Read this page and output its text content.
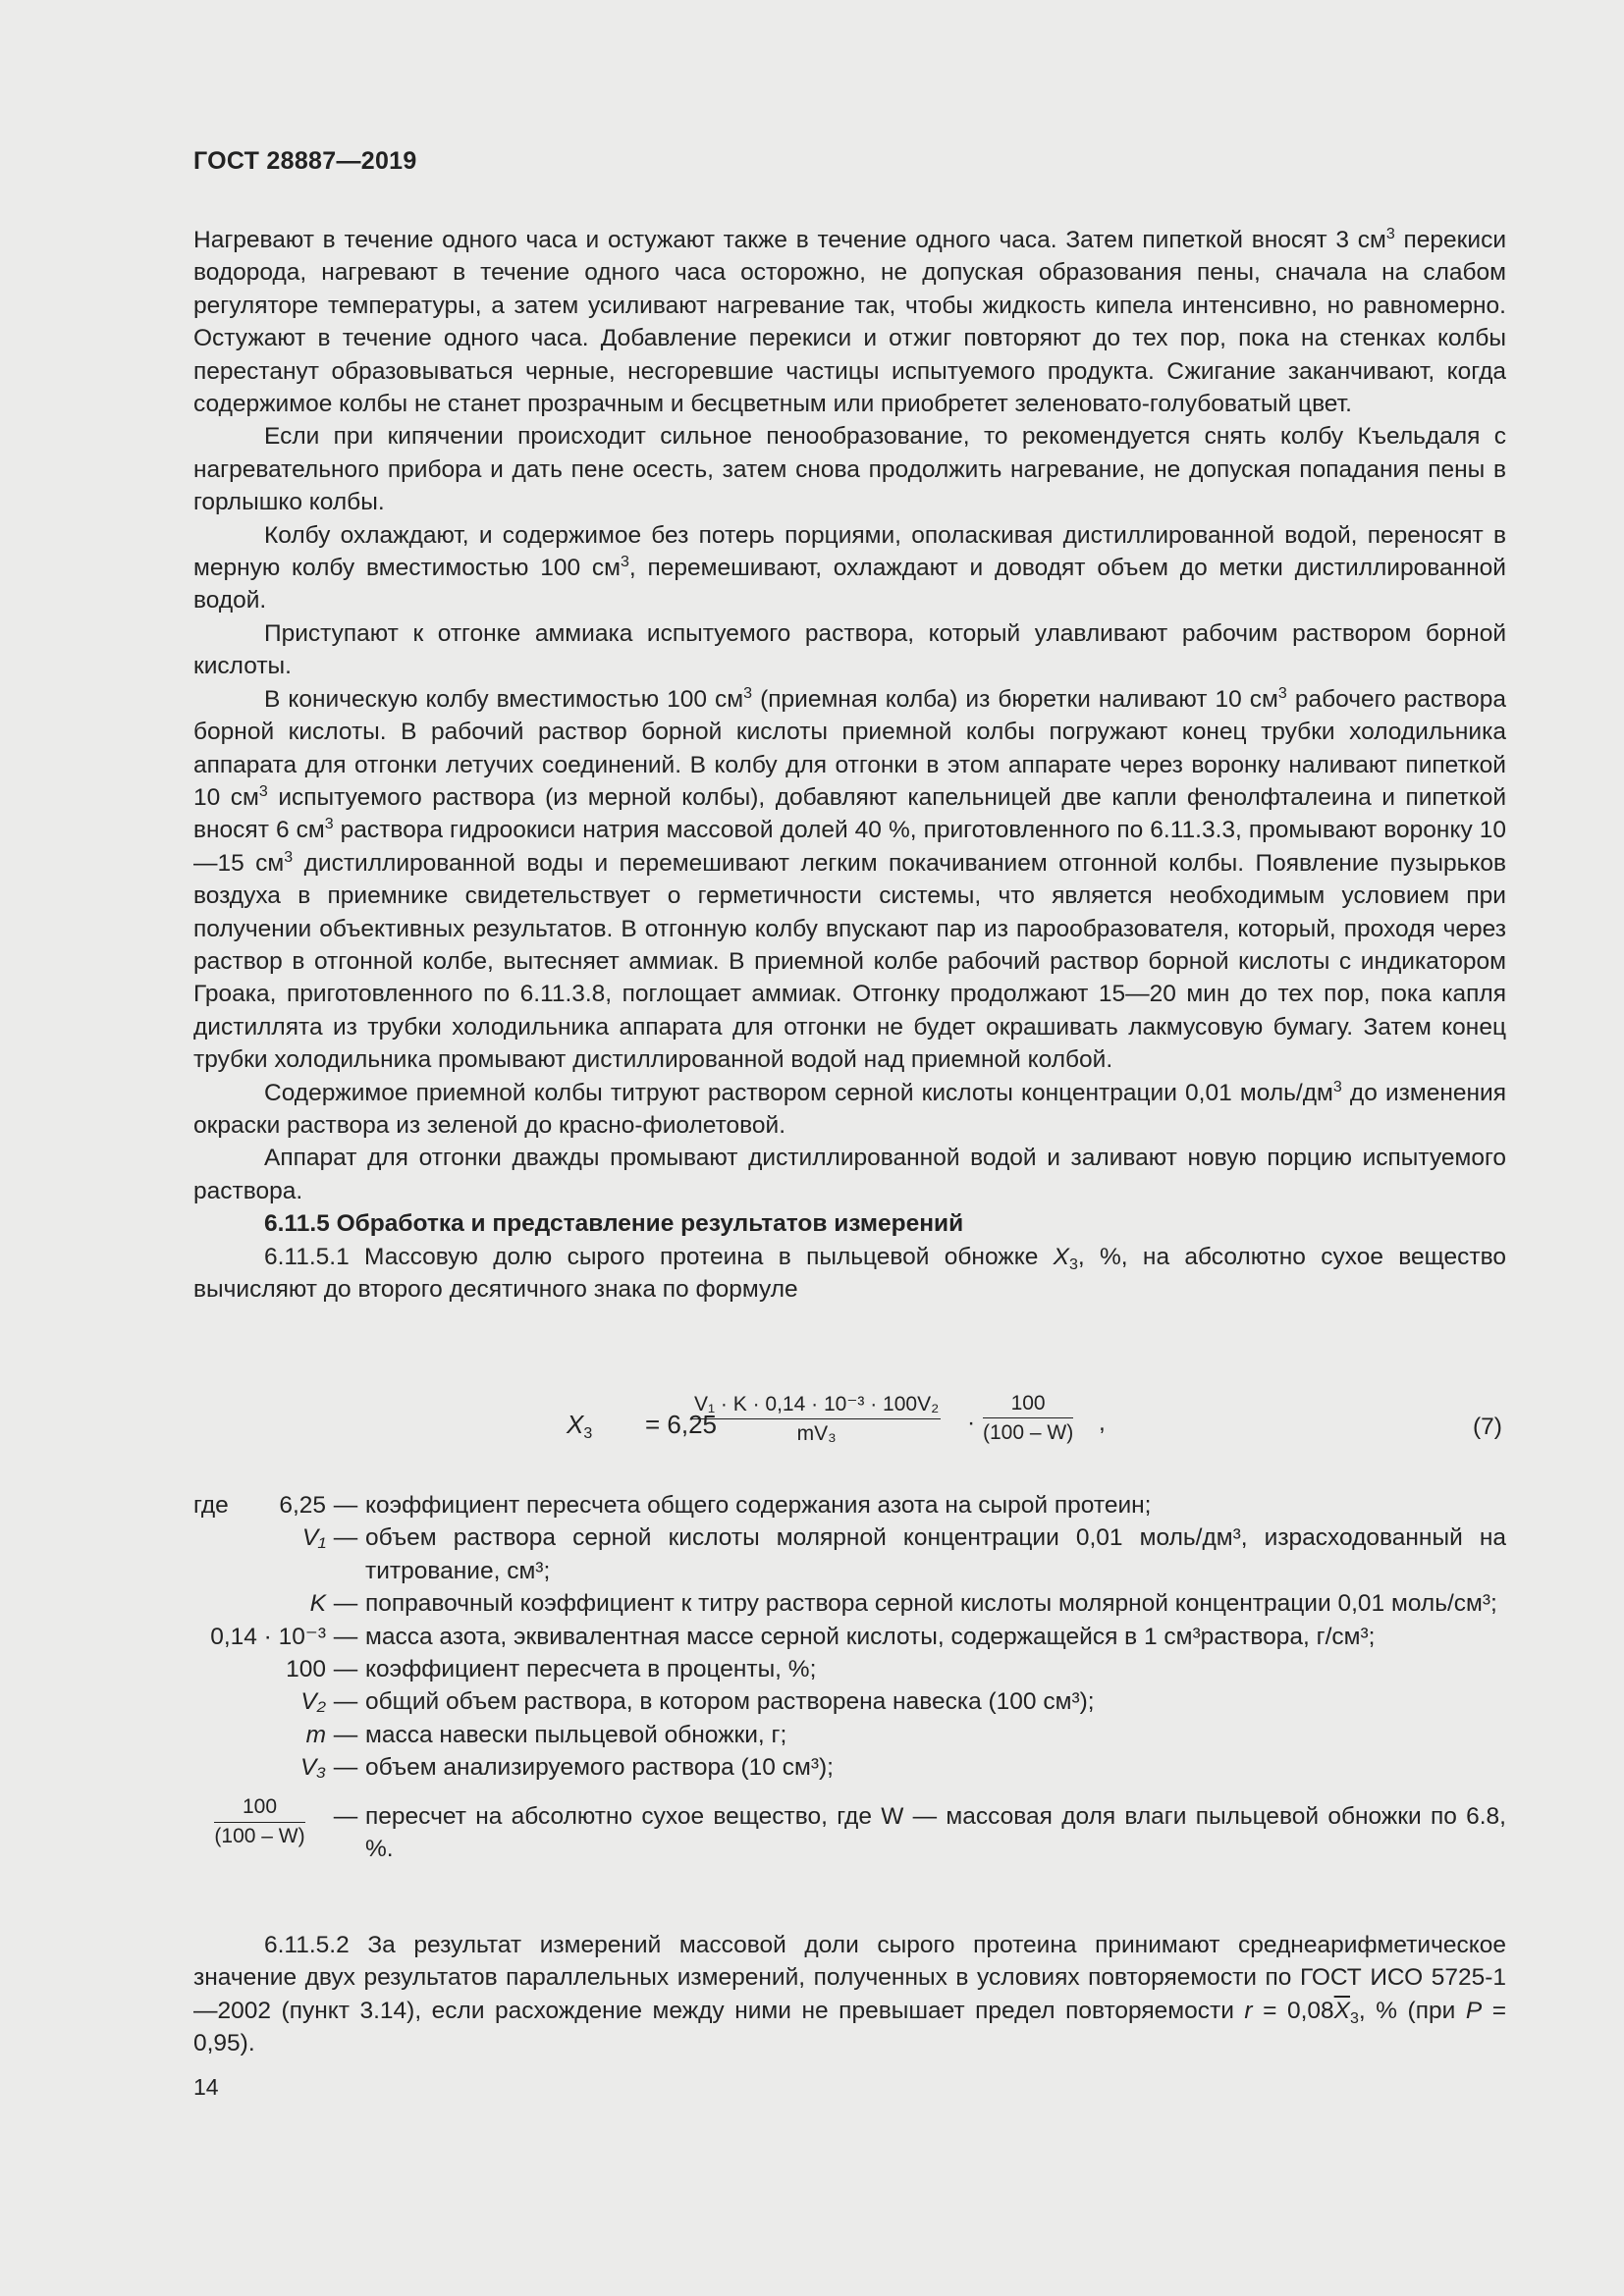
ГОСТ 28887—2019

Нагревают в течение одного часа и остужают также в течение одного часа. Затем пипеткой вносят 3 $см^3$ перекиси водорода, нагревают в течение одного часа осторожно, не допуская образования пены, сначала на слабом регуляторе температуры, а затем усиливают нагревание так, чтобы жидкость кипела интенсивно, но равномерно. Остужают в течение одного часа. Добавление перекиси и отжиг повторяют до тех пор, пока на стенках колбы перестанут образовываться черные, несгоревшие частицы испытуемого продукта. Сжигание заканчивают, когда содержимое колбы не станет прозрачным и бесцветным или приобретет зеленовато-голубоватый цвет.

Если при кипячении происходит сильное пенообразование, то рекомендуется снять колбу Къельдаля с нагревательного прибора и дать пене осесть, затем снова продолжить нагревание, не допуская попадания пены в горлышко колбы.

Колбу охлаждают, и содержимое без потерь порциями, ополаскивая дистиллированной водой, переносят в мерную колбу вместимостью 100 $см^3$, перемешивают, охлаждают и доводят объем до метки дистиллированной водой.

Приступают к отгонке аммиака испытуемого раствора, который улавливают рабочим раствором борной кислоты.

В коническую колбу вместимостью 100 $см^3$ (приемная колба) из бюретки наливают 10 $см^3$ рабочего раствора борной кислоты. В рабочий раствор борной кислоты приемной колбы погружают конец трубки холодильника аппарата для отгонки летучих соединений. В колбу для отгонки в этом аппарате через воронку наливают пипеткой 10 $см^3$ испытуемого раствора (из мерной колбы), добавляют капельницей две капли фенолфталеина и пипеткой вносят 6 $см^3$ раствора гидроокиси натрия массовой долей 40 %, приготовленного по 6.11.3.3, промывают воронку 10—15 $см^3$ дистиллированной воды и перемешивают легким покачиванием отгонной колбы. Появление пузырьков воздуха в приемнике свидетельствует о герметичности системы, что является необходимым условием при получении объективных результатов. В отгонную колбу впускают пар из парообразователя, который, проходя через раствор в отгонной колбе, вытесняет аммиак. В приемной колбе рабочий раствор борной кислоты с индикатором Гроака, приготовленного по 6.11.3.8, поглощает аммиак. Отгонку продолжают 15—20 мин до тех пор, пока капля дистиллята из трубки холодильника аппарата для отгонки не будет окрашивать лакмусовую бумагу. Затем конец трубки холодильника промывают дистиллированной водой над приемной колбой.

Содержимое приемной колбы титруют раствором серной кислоты концентрации 0,01 моль/$дм^3$ до изменения окраски раствора из зеленой до красно-фиолетовой.

Аппарат для отгонки дважды промывают дистиллированной водой и заливают новую порцию испытуемого раствора.

6.11.5 Обработка и представление результатов измерений

6.11.5.1 Массовую долю сырого протеина в пыльцевой обножке $X_3$, %, на абсолютно сухое вещество вычисляют до второго десятичного знака по формуле

$X_3 = 6,25$
$\frac{\text{V₁ · K · 0,14 · 10⁻³ · 100V₂}}{\text{mV₃}} \cdot \frac{100}{(100 - W)}$ ,	(7)
где	6,25 — коэффициент пересчета общего содержания азота на сырой протеин;
V₁ — объем раствора серной кислоты молярной концентрации 0,01 моль/дм³, израсходованный на титрование, см³;
K — поправочный коэффициент к титру раствора серной кислоты молярной концентрации 0,01 моль/см³;
0,14 · 10⁻³ — масса азота, эквивалентная массе серной кислоты, содержащейся в 1 см³раствора, г/см³;
100 — коэффициент пересчета в проценты, %;
V₂ — общий объем раствора, в котором растворена навеска (100 см³);
m — масса навески пыльцевой обножки, г;
V₃ — объем анализируемого раствора (10 см³);
$\frac{100}{(100 - W)}$	— пересчет на абсолютно сухое вещество, где W — массовая доля влаги пыльцевой обножки по 6.8, %.

6.11.5.2 За результат измерений массовой доли сырого протеина принимают среднеарифметическое значение двух результатов параллельных измерений, полученных в условиях повторяемости по ГОСТ ИСО 5725-1—2002 (пункт 3.14), если расхождение между ними не превышает предел повторяемости $r = 0,08\overline{X}_3$, % (при P = 0,95).

14
